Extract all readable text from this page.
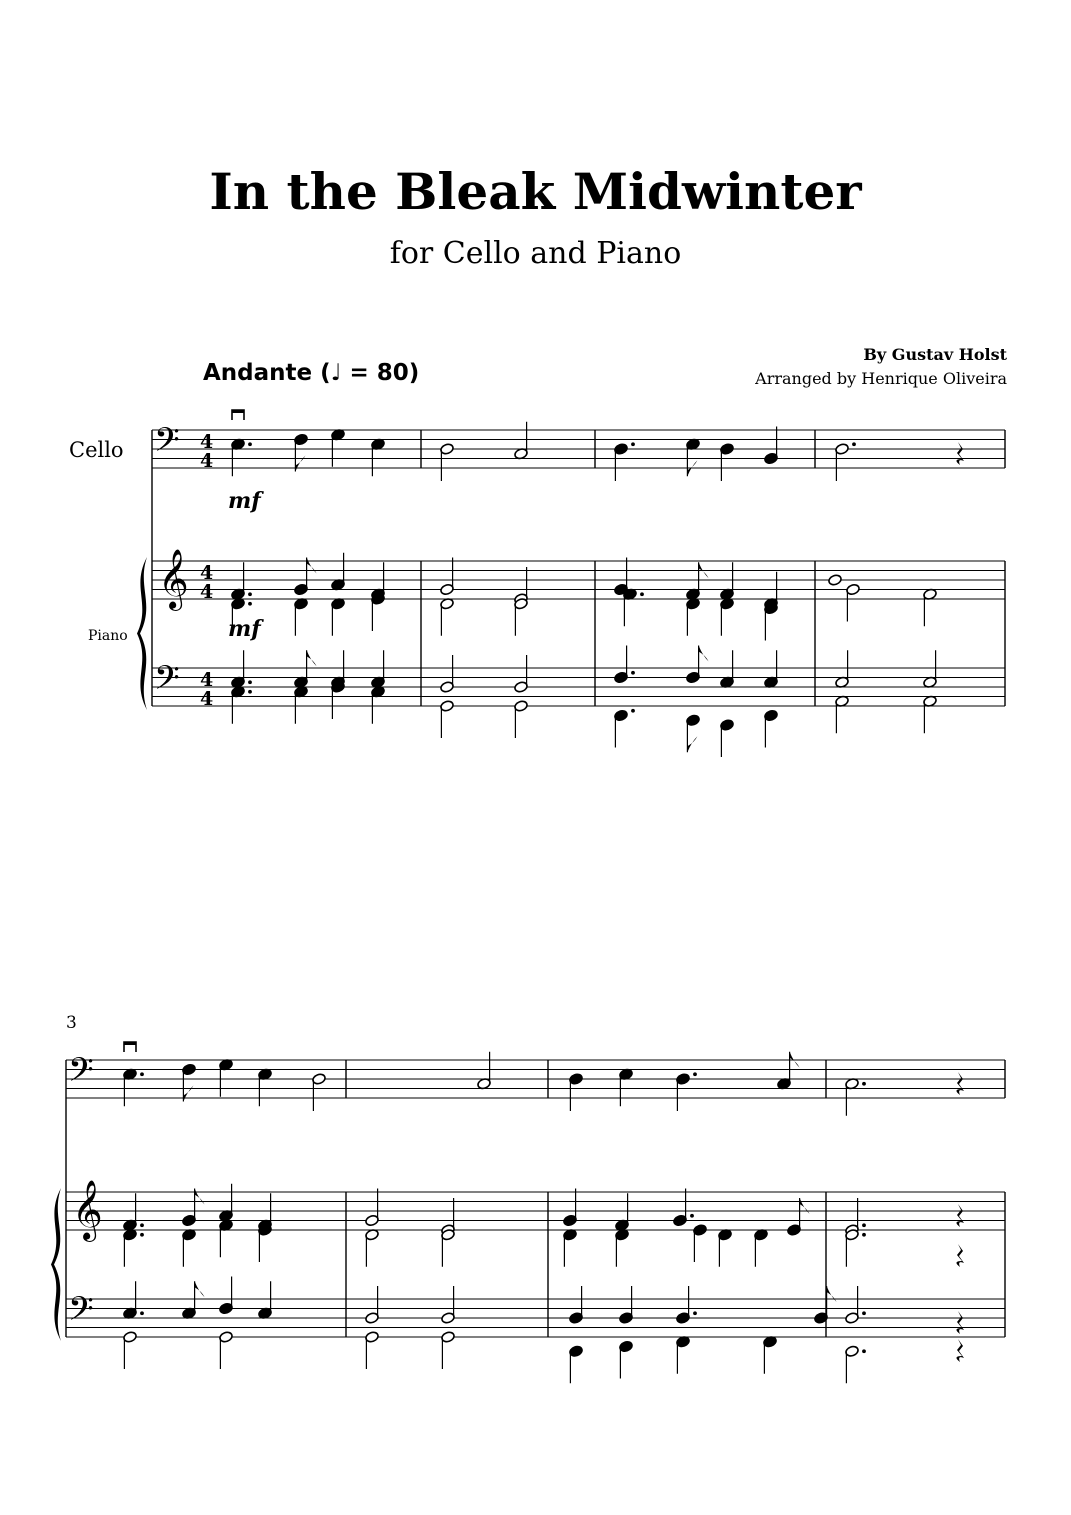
In the Bleak Midwinter
for Cello and Piano
By Gustav Holst
Arranged by Henrique Oliveira
Andante (♩ = 80)
Cello
Piano
3
𝄢
𝄞
𝄢
4
4
4
4
4
4
𝄢
𝄞
𝄢
mf
mf
